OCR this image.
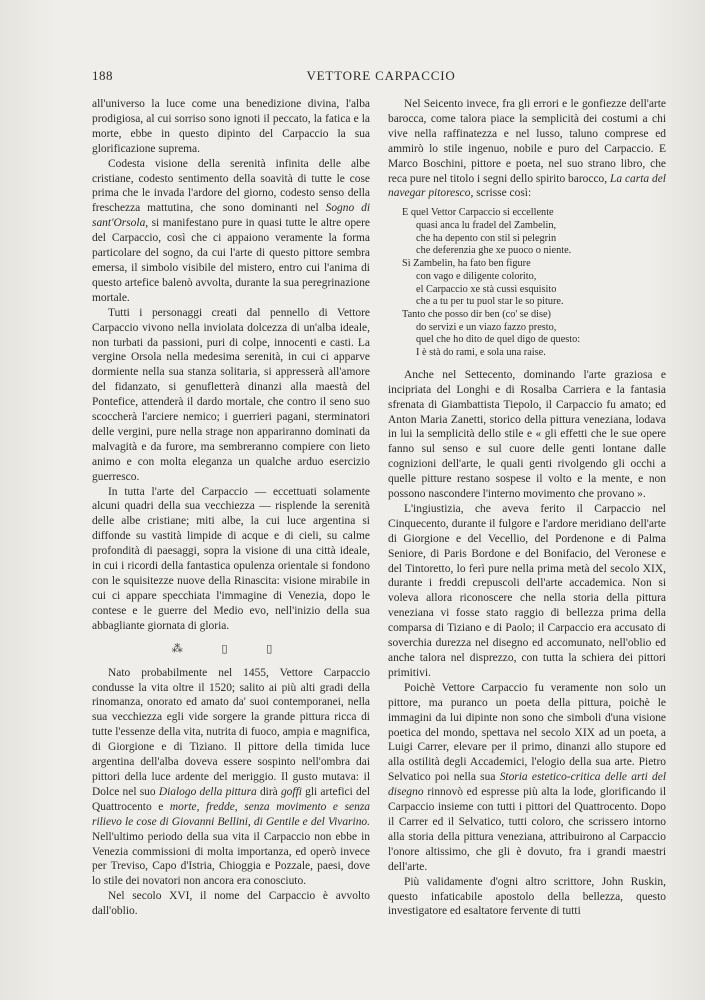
188	VETTORE CARPACCIO

all'universo la luce come una benedizione divina, l'alba prodigiosa, al cui sorriso sono ignoti il peccato, la fatica e la morte, ebbe in questo dipinto del Carpaccio la sua glorificazione suprema.

Codesta visione della serenità infinita delle albe cristiane, codesto sentimento della soavità di tutte le cose prima che le invada l'ardore del giorno, codesto senso della freschezza mattutina, che sono dominanti nel Sogno di sant'Orsola, si manifestano pure in quasi tutte le altre opere del Carpaccio, così che ci appaiono veramente la forma particolare del sogno, da cui l'arte di questo pittore sembra emersa, il simbolo visibile del mistero, entro cui l'anima di questo artefice balenò avvolta, durante la sua peregrinazione mortale.

Tutti i personaggi creati dal pennello di Vettore Carpaccio vivono nella inviolata dolcezza di un'alba ideale, non turbati da passioni, puri di colpe, innocenti e casti. La vergine Orsola nella medesima serenità, in cui ci apparve dormiente nella sua stanza solitaria, si appresserà all'amore del fidanzato, si genufletterà dinanzi alla maestà del Pontefice, attenderà il dardo mortale, che contro il seno suo scoccherà l'arciere nemico; i guerrieri pagani, sterminatori delle vergini, pure nella strage non appariranno dominati da malvagità e da furore, ma sembreranno compiere con lieto animo e con molta eleganza un qualche arduo esercizio guerresco.

In tutta l'arte del Carpaccio — eccettuati solamente alcuni quadri della sua vecchiezza — risplende la serenità delle albe cristiane; miti albe, la cui luce argentina si diffonde su vastità limpide di acque e di cieli, su calme profondità di paesaggi, sopra la visione di una città ideale, in cui i ricordi della fantastica opulenza orientale si fondono con le squisitezze nuove della Rinascita: visione mirabile in cui ci appare specchiata l'immagine di Venezia, dopo le contese e le guerre del Medio evo, nell'inizio della sua abbagliante giornata di gloria.

⁂ ▯ ▯

Nato probabilmente nel 1455, Vettore Carpaccio condusse la vita oltre il 1520; salito ai più alti gradi della rinomanza, onorato ed amato da' suoi contemporanei, nella sua vecchiezza egli vide sorgere la grande pittura ricca di tutte l'essenze della vita, nutrita di fuoco, ampia e magnifica, di Giorgione e di Tiziano. Il pittore della timida luce argentina dell'alba doveva essere sospinto nell'ombra dai pittori della luce ardente del meriggio. Il gusto mutava: il Dolce nel suo Dialogo della pittura dirà goffi gli artefici del Quattrocento e morte, fredde, senza movimento e senza rilievo le cose di Giovanni Bellini, di Gentile e del Vivarino. Nell'ultimo periodo della sua vita il Carpaccio non ebbe in Venezia commissioni di molta importanza, ed operò invece per Treviso, Capo d'Istria, Chioggia e Pozzale, paesi, dove lo stile dei novatori non ancora era conosciuto.

Nel secolo XVI, il nome del Carpaccio è avvolto dall'oblio.

Nel Seicento invece, fra gli errori e le gonfiezze dell'arte barocca, come talora piace la semplicità dei costumi a chi vive nella raffinatezza e nel lusso, taluno comprese ed ammirò lo stile ingenuo, nobile e puro del Carpaccio. E Marco Boschini, pittore e poeta, nel suo strano libro, che reca pure nel titolo i segni dello spirito barocco, La carta del navegar pitoresco, scrisse così:

E quel Vettor Carpaccio si eccellente
quasi anca lu fradel del Zambelin,
che ha depento con stil si pelegrin
che deferenzia ghe xe puoco o niente.
Si Zambelin, ha fato ben figure
con vago e diligente colorito,
el Carpaccio xe stà cussì esquisito
che a tu per tu puol star le so piture.
Tanto che posso dir ben (co' se dise)
do servizi e un viazo fazzo presto,
quel che ho dito de quel digo de questo:
I è stà do rami, e sola una raise.

Anche nel Settecento, dominando l'arte graziosa e incipriata del Longhi e di Rosalba Carriera e la fantasia sfrenata di Giambattista Tiepolo, il Carpaccio fu amato; ed Anton Maria Zanetti, storico della pittura veneziana, lodava in lui la semplicità dello stile e « gli effetti che le sue opere fanno sul senso e sul cuore delle genti lontane dalle cognizioni dell'arte, le quali genti rivolgendo gli occhi a quelle pitture restano sospese il volto e la mente, e non possono nascondere l'interno movimento che provano ».

L'ingiustizia, che aveva ferito il Carpaccio nel Cinquecento, durante il fulgore e l'ardore meridiano dell'arte di Giorgione e del Vecellio, del Pordenone e di Palma Seniore, di Paris Bordone e del Bonifacio, del Veronese e del Tintoretto, lo ferì pure nella prima metà del secolo XIX, durante i freddi crepuscoli dell'arte accademica. Non si voleva allora riconoscere che nella storia della pittura veneziana vi fosse stato raggio di bellezza prima della comparsa di Tiziano e di Paolo; il Carpaccio era accusato di soverchia durezza nel disegno ed accomunato, nell'oblio ed anche talora nel disprezzo, con tutta la schiera dei pittori primitivi.

Poichè Vettore Carpaccio fu veramente non solo un pittore, ma puranco un poeta della pittura, poichè le immagini da lui dipinte non sono che simboli d'una visione poetica del mondo, spettava nel secolo XIX ad un poeta, a Luigi Carrer, elevare per il primo, dinanzi allo stupore ed alla ostilità degli Accademici, l'elogio della sua arte. Pietro Selvatico poi nella sua Storia estetico-critica delle arti del disegno rinnovò ed espresse più alta la lode, glorificando il Carpaccio insieme con tutti i pittori del Quattrocento. Dopo il Carrer ed il Selvatico, tutti coloro, che scrissero intorno alla storia della pittura veneziana, attribuirono al Carpaccio l'onore altissimo, che gli è dovuto, fra i grandi maestri dell'arte.

Più validamente d'ogni altro scrittore, John Ruskin, questo infaticabile apostolo della bellezza, questo investigatore ed esaltatore fervente di tutti
